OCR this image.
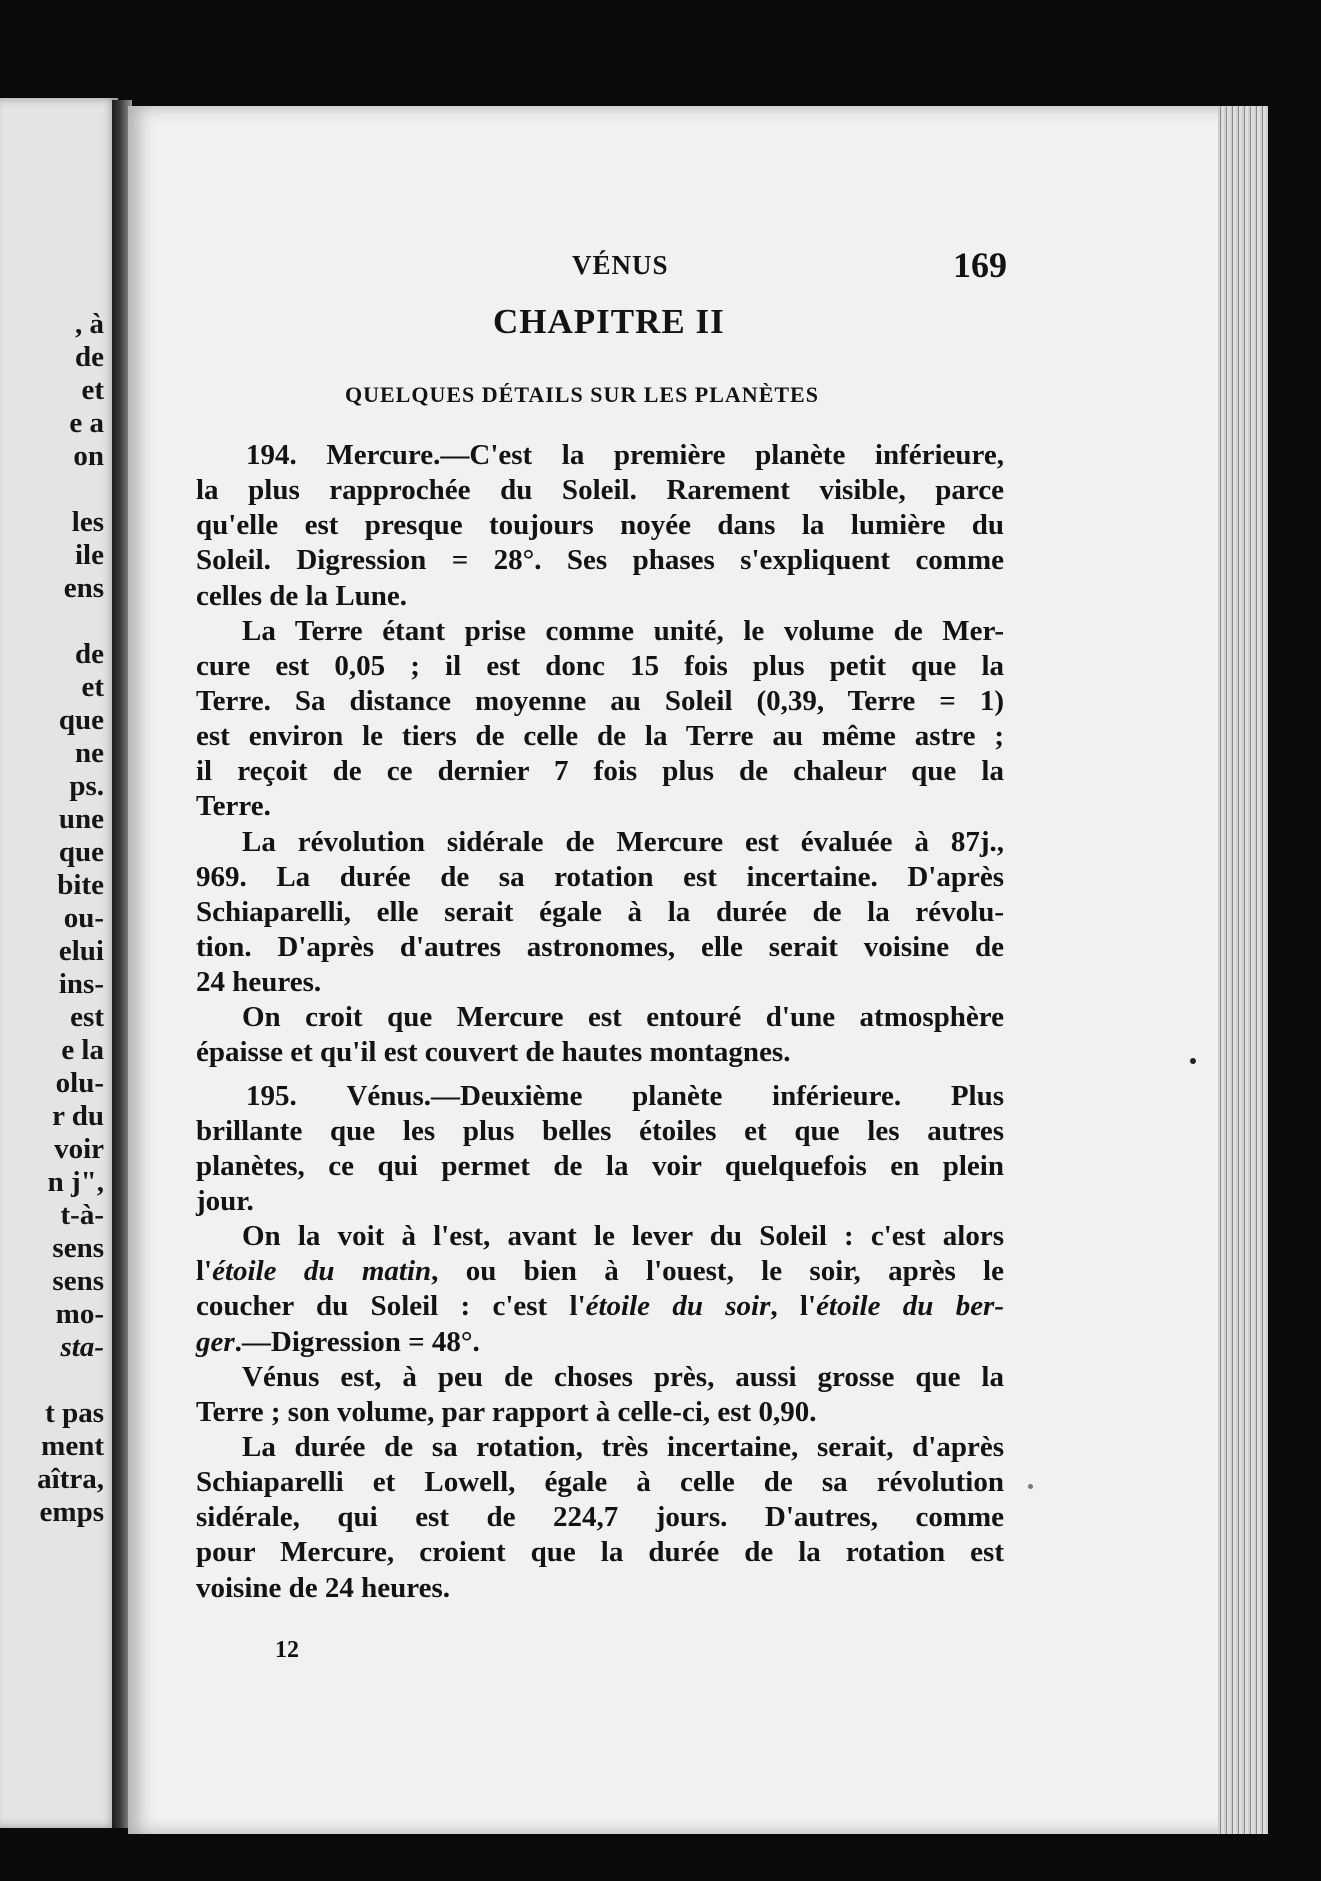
, à
de
et
e a
on
les
ile
ens
de
et
que
ne
ps.
une
que
bite
ou-
elui
ins-
est
e la
olu-
r du
voir
n j",
t-à-
sens
sens
mo-
sta-
t pas
ment
aîtra,
emps
VÉNUS	169
CHAPITRE II
QUELQUES DÉTAILS SUR LES PLANÈTES

194. Mercure.—C'est la première planète inférieure,
la plus rapprochée du Soleil. Rarement visible, parce
qu'elle est presque toujours noyée dans la lumière du
Soleil. Digression = 28°. Ses phases s'expliquent comme
celles de la Lune.

La Terre étant prise comme unité, le volume de Mer-
cure est 0,05 ; il est donc 15 fois plus petit que la
Terre. Sa distance moyenne au Soleil (0,39, Terre = 1)
est environ le tiers de celle de la Terre au même astre ;
il reçoit de ce dernier 7 fois plus de chaleur que la
Terre.

La révolution sidérale de Mercure est évaluée à 87j.,
969. La durée de sa rotation est incertaine. D'après
Schiaparelli, elle serait égale à la durée de la révolu-
tion. D'après d'autres astronomes, elle serait voisine de
24 heures.

On croit que Mercure est entouré d'une atmosphère
épaisse et qu'il est couvert de hautes montagnes.

195. Vénus.—Deuxième planète inférieure. Plus
brillante que les plus belles étoiles et que les autres
planètes, ce qui permet de la voir quelquefois en plein
jour.

On la voit à l'est, avant le lever du Soleil : c'est alors
l'étoile du matin, ou bien à l'ouest, le soir, après le
coucher du Soleil : c'est l'étoile du soir, l'étoile du ber-
ger.—Digression = 48°.

Vénus est, à peu de choses près, aussi grosse que la
Terre ; son volume, par rapport à celle-ci, est 0,90.

La durée de sa rotation, très incertaine, serait, d'après
Schiaparelli et Lowell, égale à celle de sa révolution
sidérale, qui est de 224,7 jours. D'autres, comme
pour Mercure, croient que la durée de la rotation est
voisine de 24 heures.

12
